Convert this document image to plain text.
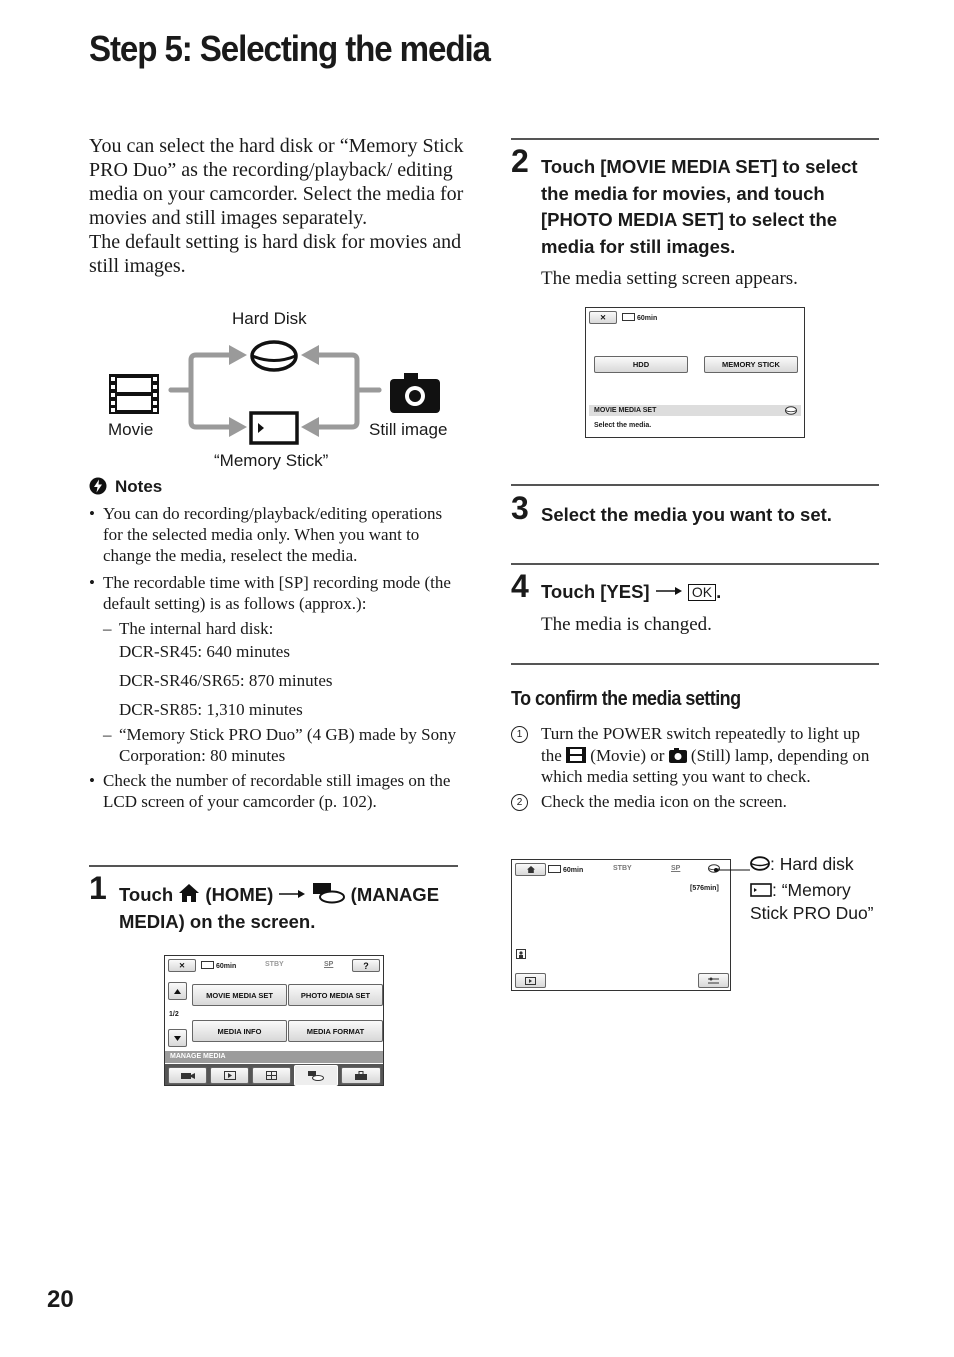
Step 5: Selecting the media

You can select the hard disk or “Memory Stick PRO Duo” as the recording/playback/ editing media on your camcorder. Select the media for movies and still images separately.

The default setting is hard disk for movies and still images.

Hard Disk
Movie	Still image
“Memory Stick”
Notes
• You can do recording/playback/editing operations for the selected media only. When you want to change the media, reselect the media.
• The recordable time with [SP] recording mode (the default setting) is as follows (approx.):
– The internal hard disk:
DCR-SR45: 640 minutes
DCR-SR46/SR65: 870 minutes
DCR-SR85: 1,310 minutes
– “Memory Stick PRO Duo” (4 GB) made by Sony Corporation: 80 minutes
• Check the number of recordable still images on the LCD screen of your camcorder (p. 102).
1 Touch (HOME)	(MANAGE
MEDIA) on the screen.
✕	60min	STBY	SP	?
1/2
MOVIE MEDIA SET	PHOTO MEDIA SET
MEDIA INFO	MEDIA FORMAT
MANAGE MEDIA
2 Touch [MOVIE MEDIA SET] to select the media for movies, and touch [PHOTO MEDIA SET] to select the media for still images.
The media setting screen appears.
✕	60min
HDD	MEMORY STICK
MOVIE MEDIA SET
Select the media.
3 Select the media you want to set.
4 Touch [YES]	OK .
The media is changed.
To confirm the media setting
1	Turn the POWER switch repeatedly to light up the (Movie) or (Still) lamp, depending on which media setting you want to check.
2	Check the media icon on the screen.
60min	STBY	SP
[576min]
: Hard disk
: “Memory Stick PRO Duo”
20
